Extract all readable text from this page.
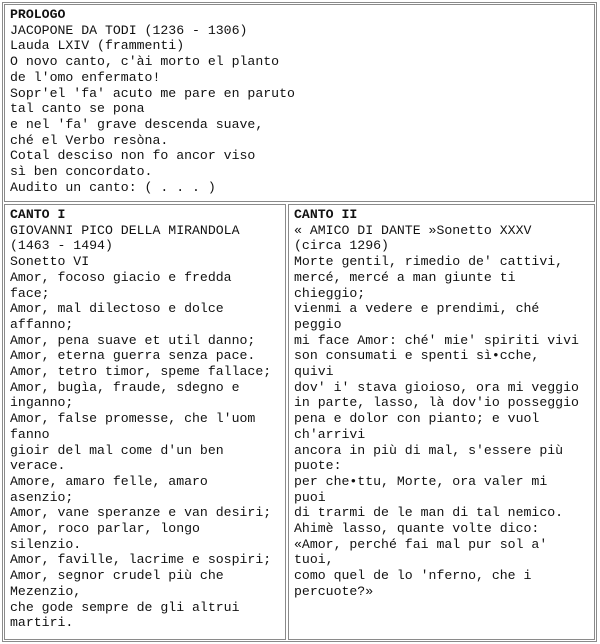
PROLOGO
JACOPONE DA TODI (1236 - 1306)
Lauda LXIV (frammenti)
O novo canto, c'ài morto el planto
de l'omo enfermato!
Sopr'el 'fa' acuto me pare en paruto
tal canto se pona
e nel 'fa' grave descenda suave,
ché el Verbo resòna.
Cotal desciso non fo ancor viso
sì ben concordato.
Audito un canto: ( . . . )
CANTO I
GIOVANNI PICO DELLA MIRANDOLA
(1463 - 1494)
Sonetto VI
Amor, focoso giacio e fredda
face;
Amor, mal dilectoso e dolce
affanno;
Amor, pena suave et util danno;
Amor, eterna guerra senza pace.
Amor, tetro timor, speme fallace;
Amor, bugìa, fraude, sdegno e
inganno;
Amor, false promesse, che l'uom
fanno
gioir del mal come d'un ben
verace.
Amore, amaro felle, amaro
asenzio;
Amor, vane speranze e van desiri;
Amor, roco parlar, longo
silenzio.
Amor, faville, lacrime e sospiri;
Amor, segnor crudel più che
Mezenzio,
che gode sempre de gli altrui
martiri.
CANTO II
« AMICO DI DANTE »Sonetto XXXV
(circa 1296)
Morte gentil, rimedio de' cattivi,
mercé, mercé a man giunte ti
chieggio;
vienmi a vedere e prendimi, ché
peggio
mi face Amor: ché' mie' spiriti vivi
son consumati e spenti sì•cche,
quivi
dov' i' stava gioioso, ora mi veggio
in parte, lasso, là dov'io posseggio
pena e dolor con pianto; e vuol
ch'arrivi
ancora in più di mal, s'essere più
puote:
per che•ttu, Morte, ora valer mi
puoi
di trarmi de le man di tal nemico.
Ahimè lasso, quante volte dico:
«Amor, perché fai mal pur sol a'
tuoi,
como quel de lo 'nferno, che i
percuote?»
